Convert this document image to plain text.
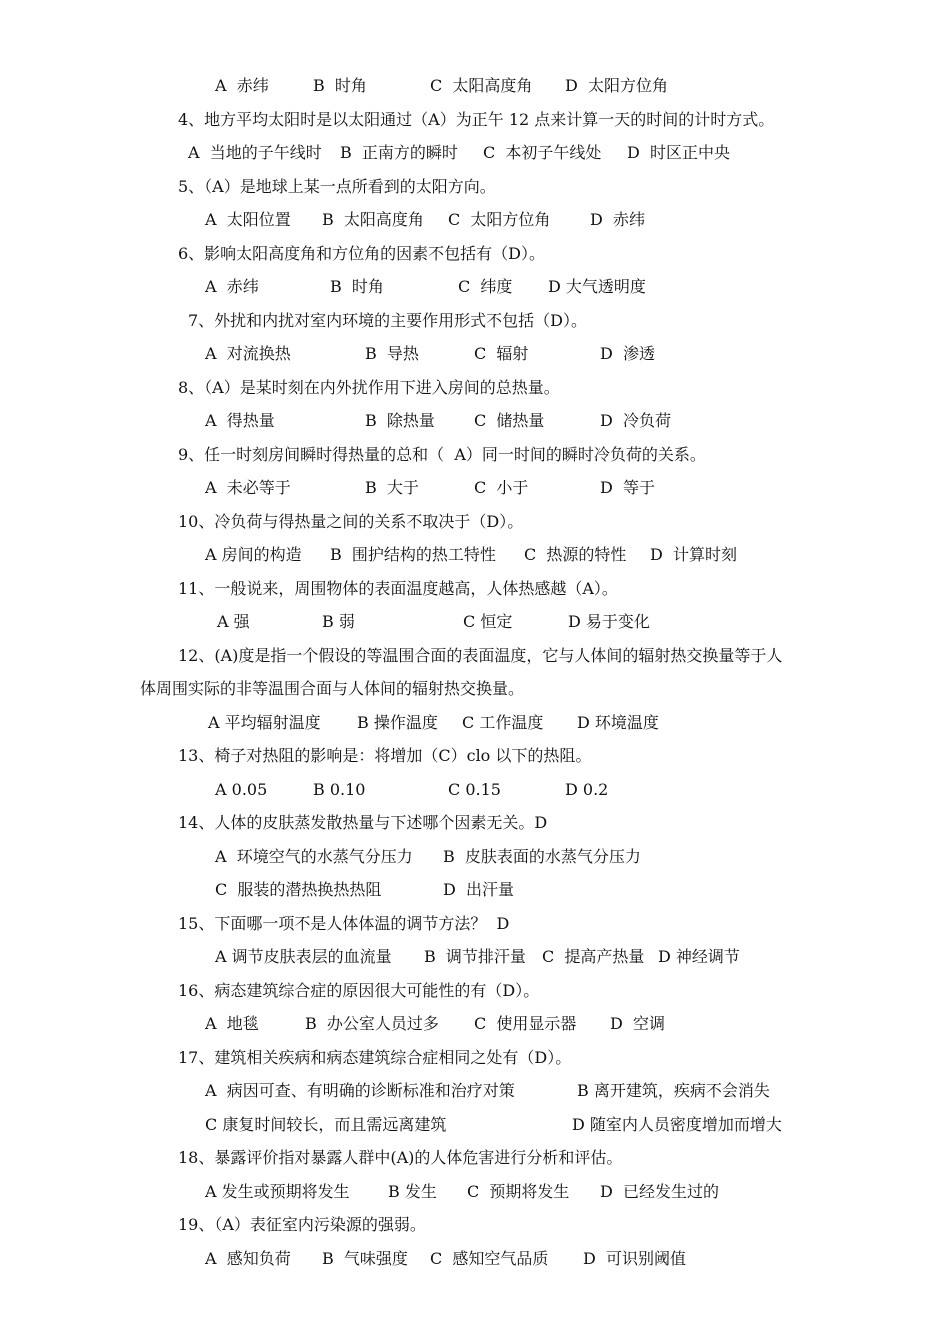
A  赤纬	B  时角	C  太阳高度角 D  太阳方位角
4、地方平均太阳时是以太阳通过（A）为正午 12 点来计算一天的时间的计时方式。
A  当地的子午线时 B  正南方的瞬时 C  本初子午线处 D  时区正中央
5、（A）是地球上某一点所看到的太阳方向。
A  太阳位置 B  太阳高度角 C  太阳方位角 D  赤纬
6、影响太阳高度角和方位角的因素不包括有（D）。
A  赤纬	B  时角	C  纬度 D 大气透明度
7、外扰和内扰对室内环境的主要作用形式不包括（D）。
A  对流换热	B  导热	C  辐射	D  渗透
8、（A）是某时刻在内外扰作用下进入房间的总热量。
A  得热量	B  除热量 C  储热量	D  冷负荷
9、任一时刻房间瞬时得热量的总和（  A）同一时间的瞬时冷负荷的关系。
A  未必等于	B  大于	C  小于	D  等于
10、冷负荷与得热量之间的关系不取决于（D）。
A 房间的构造 B  围护结构的热工特性 C  热源的特性 D  计算时刻
11、一般说来，周围物体的表面温度越高，人体热感越（A）。
A 强	B 弱	C 恒定	D 易于变化
12、(A)度是指一个假设的等温围合面的表面温度，它与人体间的辐射热交换量等于人
体周围实际的非等温围合面与人体间的辐射热交换量。
A 平均辐射温度 B 操作温度 C 工作温度 D 环境温度
13、椅子对热阻的影响是：将增加（C）clo 以下的热阻。
A 0.05	B 0.10	C 0.15	D 0.2
14、人体的皮肤蒸发散热量与下述哪个因素无关。D
A  环境空气的水蒸气分压力 B  皮肤表面的水蒸气分压力
C  服装的潜热换热热阻	D  出汗量
15、下面哪一项不是人体体温的调节方法？  D
A 调节皮肤表层的血流量 B  调节排汗量 C  提高产热量 D 神经调节
16、病态建筑综合症的原因很大可能性的有（D）。
A  地毯	B  办公室人员过多 C  使用显示器 D  空调
17、建筑相关疾病和病态建筑综合症相同之处有（D）。
A  病因可查、有明确的诊断标准和治疗对策	B 离开建筑，疾病不会消失
C 康复时间较长，而且需远离建筑	D 随室内人员密度增加而增大
18、暴露评价指对暴露人群中(A)的人体危害进行分析和评估。
A 发生或预期将发生 B 发生 C  预期将发生 D  已经发生过的
19、（A）表征室内污染源的强弱。
A  感知负荷 B  气味强度 C  感知空气品质 D  可识别阈值
